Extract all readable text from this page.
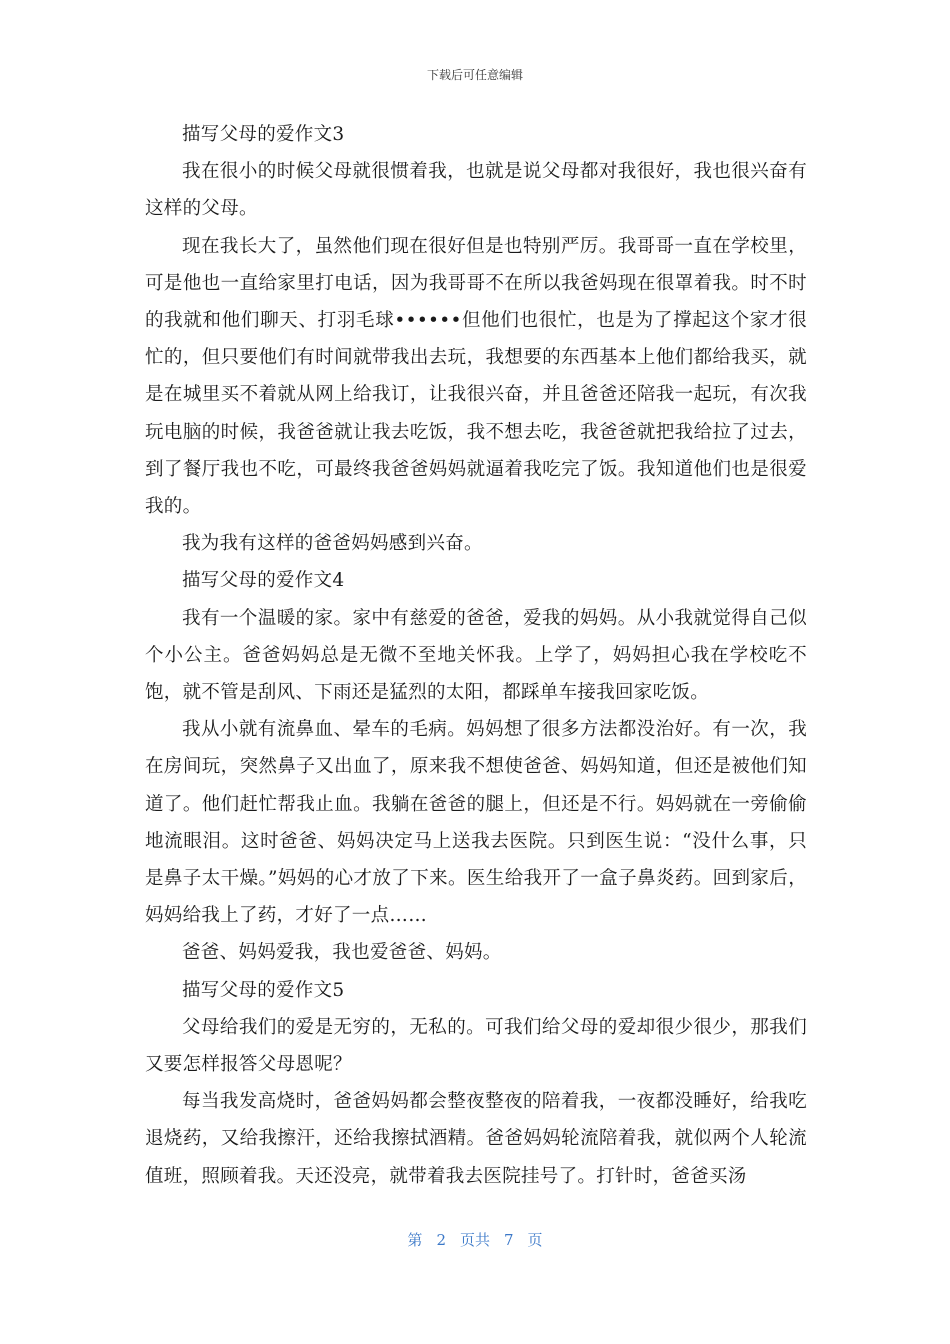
下载后可任意编辑

描写父母的爱作文3

我在很小的时候父母就很惯着我，也就是说父母都对我很好，我也很兴奋有这样的父母。

现在我长大了，虽然他们现在很好但是也特别严厉。我哥哥一直在学校里，可是他也一直给家里打电话，因为我哥哥不在所以我爸妈现在很罩着我。时不时的我就和他们聊天、打羽毛球••••••但他们也很忙，也是为了撑起这个家才很忙的，但只要他们有时间就带我出去玩，我想要的东西基本上他们都给我买，就是在城里买不着就从网上给我订，让我很兴奋，并且爸爸还陪我一起玩，有次我玩电脑的时候，我爸爸就让我去吃饭，我不想去吃，我爸爸就把我给拉了过去，到了餐厅我也不吃，可最终我爸爸妈妈就逼着我吃完了饭。我知道他们也是很爱我的。

我为我有这样的爸爸妈妈感到兴奋。

描写父母的爱作文4

我有一个温暖的家。家中有慈爱的爸爸，爱我的妈妈。从小我就觉得自己似个小公主。爸爸妈妈总是无微不至地关怀我。上学了，妈妈担心我在学校吃不饱，就不管是刮风、下雨还是猛烈的太阳，都踩单车接我回家吃饭。

我从小就有流鼻血、晕车的毛病。妈妈想了很多方法都没治好。有一次，我在房间玩，突然鼻子又出血了，原来我不想使爸爸、妈妈知道，但还是被他们知道了。他们赶忙帮我止血。我躺在爸爸的腿上，但还是不行。妈妈就在一旁偷偷地流眼泪。这时爸爸、妈妈决定马上送我去医院。只到医生说：“没什么事，只是鼻子太干燥。”妈妈的心才放了下来。医生给我开了一盒子鼻炎药。回到家后，妈妈给我上了药，才好了一点……

爸爸、妈妈爱我，我也爱爸爸、妈妈。

描写父母的爱作文5

父母给我们的爱是无穷的，无私的。可我们给父母的爱却很少很少，那我们又要怎样报答父母恩呢？

每当我发高烧时，爸爸妈妈都会整夜整夜的陪着我，一夜都没睡好，给我吃退烧药，又给我擦汗，还给我擦拭酒精。爸爸妈妈轮流陪着我，就似两个人轮流值班，照顾着我。天还没亮，就带着我去医院挂号了。打针时，爸爸买汤

第 2 页共 7 页
